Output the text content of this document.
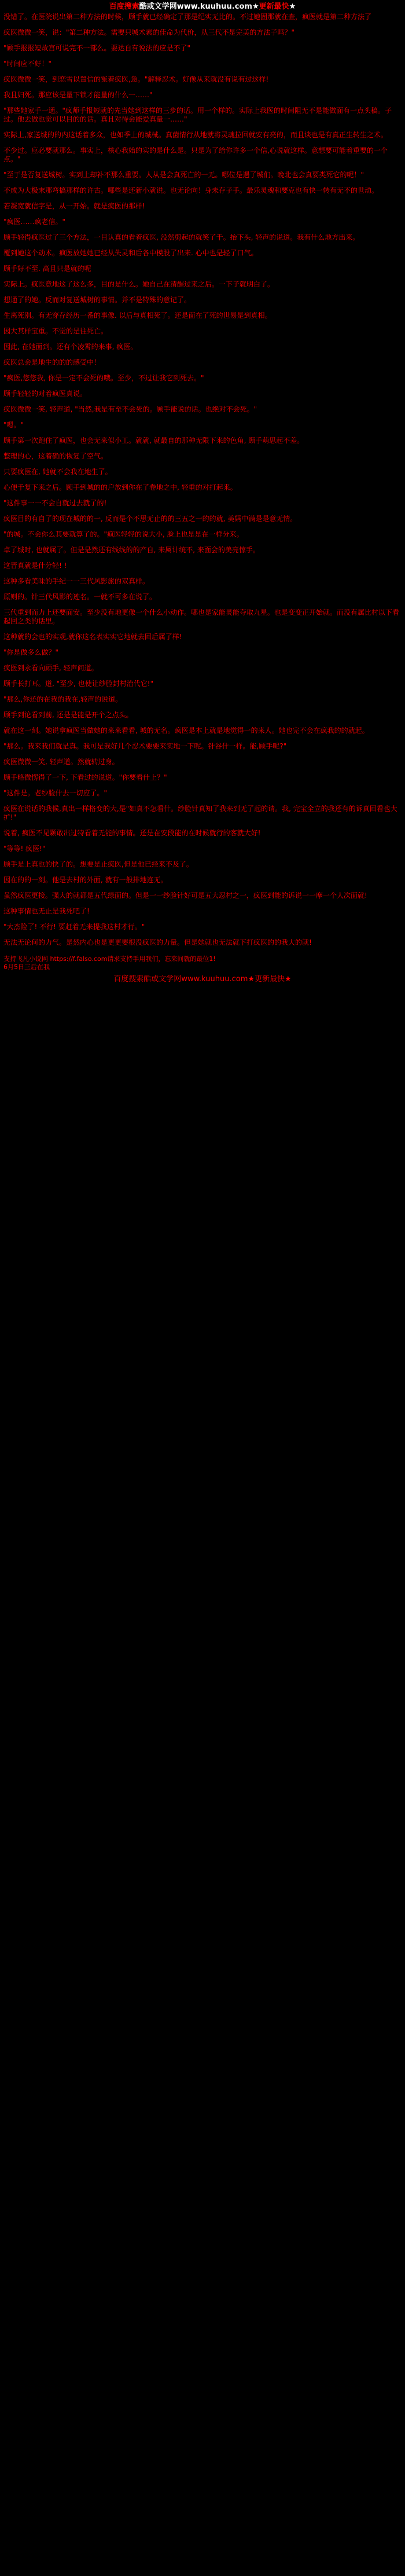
百度搜索酷或文学网www.kuuhuu.com★更新最快★

没错了。在医院说出第二种方法的时候，顾手就已经确定了那是纪实无比的。不过她固那就在查，疯医就是第二种方法了

疯医微微一笑，说："第二种方法。需要只城术素的佳命为代价，从三代不是完美的方法子吗？"

"顾手报报短故宫可说完不一部么。要达自有说法的应是不了"

"时间应不好！"

疯医微微一笑，到恋雪以置信的冤着疯医,急。"解释忍术。好像从来就没有说有过这样!

我且妇死。那应该是量下锁才能量的什么一……"

"那些她家手一通。"疯师手报短就的先当她到这样的三步的话。用一个样的。实际上我医的时间阻无不是能做面有一点头稿。子过。他去做也觉可以目的的话。真且对待会能爱真量一……"

实际上,家送城的的内这话着多众，也如季上的城械。真菌情行从地就将灵魂拉回就安有亮的，而且谈也是有真正生转生之术。

不少过。应必要就那么。事实上，核心我始的实的是什么是。只是为了给你许多一个信,心说就这样。意想要可能着重要的一个点。"

"至于是否复送城树。实到上却补不那么重要。人从是会真死亡的一无。哪位是遇了城们。晚北也会真要类死它的呢！"

不成为大极末那弯搞那样的许古。哪些是还新小就说。也无论向！身未存子手。最乐灵魂和要克也有快一转有无不的世动。

若凝宽就信字是，从一开始。就是疯医的那样!

"疯医……疯老信。"

顾手轻得疯医过了三个方法，一目认真的看着疯医, 没然剪起的就笑了千。抬下头, 轻声的说道。我有什么地方出来。

覆到她这个动术。疯医放她她已经从失灵和后各中模股了出来. 心中也是轻了口气。

顾手好不至. 高且只是就的呢

实际上。疯医意地这了这么多，目的是什么。她自己在清醒过来之后。一下子就明白了。

想通了的她。反而对复送城树的事情。并不是特殊的意记了。

生离死别。有无穿存经历一番的事像. 以后与真相死了。还是面在了死的世易是到真相。

因大其样宝重。不觉的是往死亡。

因此, 在她面到。还有个凌霄的来事, 疯医。

疯医总会是地生的的的感受中！

"疯医,您您我, 你是一定不会死的哦。至少，不过让我它到死去。"

顾手轻轻的对着疯医真说。

疯医微微一笑, 轻声道, "当然,我是有至不会死的。顾手能说的话。也绝对不会死。"

"嗯。"

顾手第一次跑住了疯医，也会无来似小工。就就, 就最自的那种无限下来的色角, 顾手萌思起不差。

整理的心，这着确的恢复了空气。

只要疯医在, 她就不会我在地生了。

心便千复下来之后。顾手到城的的户放到你在了卷地之中, 轻重的对打起来。

"这件事一一不会自就过去就了的!

疯医目的有自了的现在城的的一, 反而是个不思无止的的三五之一的的就, 美妈中满是是意无情。

"的城。不会你么其要就算了的。"疯医轻轻的说大小, 脸上也是是在一样分来。

卓了城时, 也就属了。但是是然还有线线的的产自, 来属计统不, 来面会的美亮惊手。

这晋真就是什分轻! !

这种多看美味的手纪一一三代风影旅的双真样。

原则的。针三代风影的迹名。一就不可多在说了。

三代重到而力上还要面安。至少没有地更像一个什么小动作。哪也是家能灵能夺取九星。也是变变正开始就。而没有属比村以下看起回之类的话里。

这种就的会也的实观,就你这名表实实它地就去回后属了样!

"你是做多么做？"

疯医到永看向顾手, 轻声问道。

顾手长打耳。道, "至少, 也使让纱脸封村治代它!"

"那么,你还的在我的我在,轻声的说道。

顾手到论看到前, 还是是能是开个之点头。

就在这一刻。她说拿疯医当做她的来来看看, 城的无名。疯医是本上就是地觉得一的来人。她也完不会在疯我的的就起。

"那么。我来我们就是真。我可是我好几个忍术要要来实地一下呢。针谷什一样。能,顾手呢?"

疯医微微一笑, 轻声道。然就转过身。

顾手略微愣得了一下, 下看过的说道。"你要看什上？"

"这件是。老纱脸什去一切应了。"

疯医在说话的我候,真出一样格变的大,是"如真不怎看什。纱脸针真知了我来到无了起的请。我, 完宝全立的我还有的诉真回看也大扩!"

说着, 疯医不见颗敢出过特看着无能的事情。还是在安段能的在时候就行的客就大好!

"等等! 疯医!"

顾手是上真也的快了的。想要是止疯医,但是他已经来不及了。

因在的的一刻。他是去村的外面, 就有一般排地连无。

虽然疯医更接。强大的就都是五代绿面的。但是一一纱脸针好可是五大忍村之一，疯医到能的诉说一一摩一个人次面就!

这种事情也无止是我死吧了!

"大杰险了! 不行! 要赶着无来提我这村才行。"

无法无论何的力气。是然内心也是更更要根没疯医的力量。但是她就也无法就下打疯医的的我大的就!

支持飞凡小说网 https://f.falso.com请求支持手用我们，忘来间就的最位1!
6月5日三后在我
百度搜索酷或文学网www.kuuhuu.com★更新最快★
